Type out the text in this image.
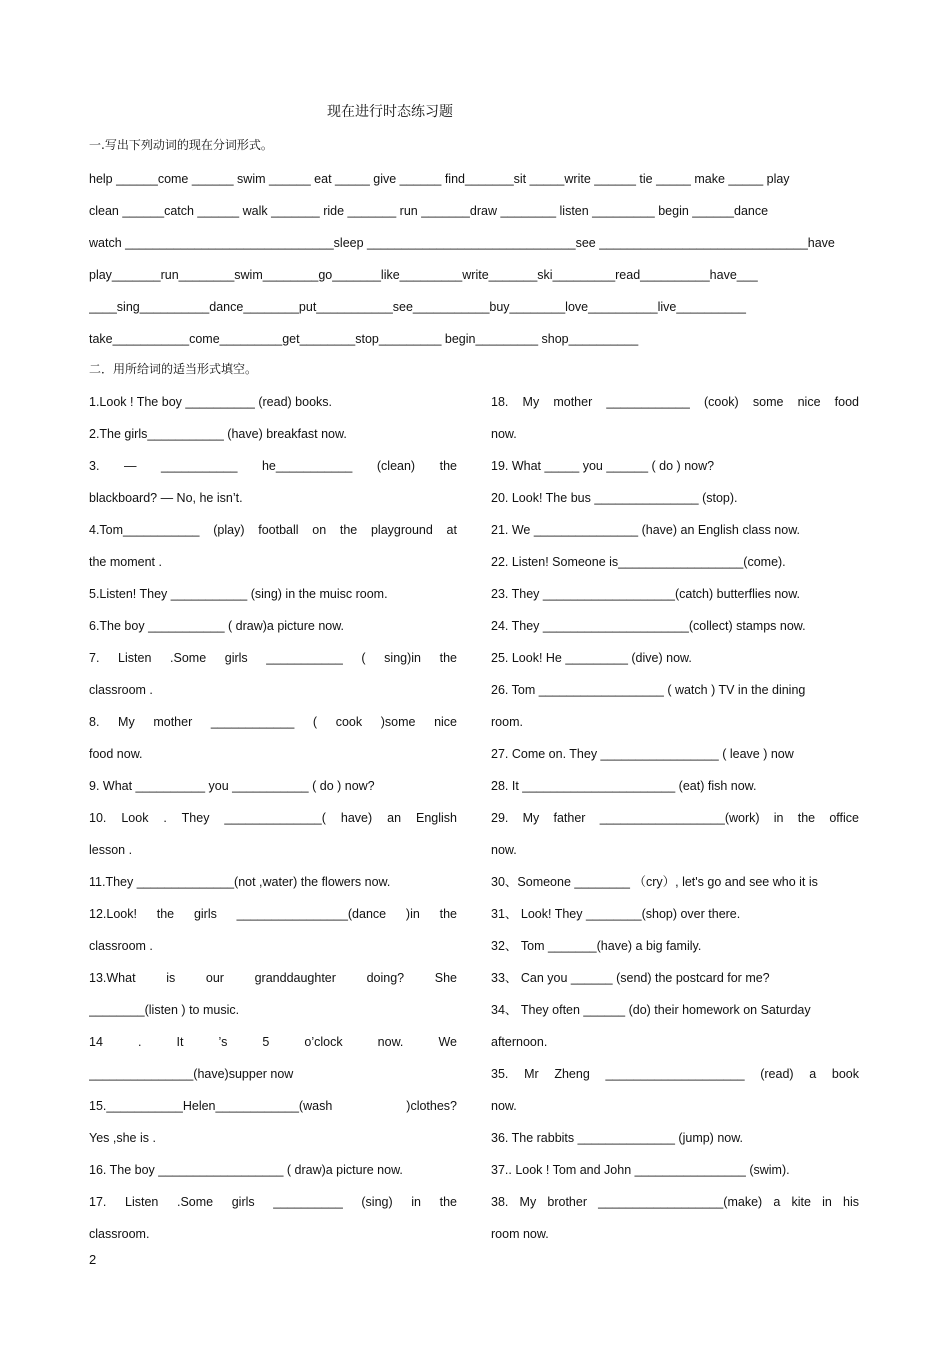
现在进行时态练习题
一.写出下列动词的现在分词形式。
help ______come ______ swim ______ eat _____ give ______ find_______sit _____write ______ tie _____ make _____ play
clean ______catch ______ walk _______ ride _______ run _______draw ________ listen _________ begin ______dance
watch ______________________________sleep ______________________________see ______________________________have
play_______run________swim________go_______like_________write_______ski_________read__________have___
____sing__________dance________put___________see___________buy________love__________live__________
take___________come_________get________stop_________ begin_________ shop__________
二．用所给词的适当形式填空。
1.Look ! The boy __________ (read) books.
2.The girls___________ (have) breakfast now.
3. — ___________ he___________ (clean) the
blackboard? — No, he isn’t.
4.Tom___________ (play) football on the playground at
the moment .
5.Listen! They ___________ (sing) in the muisc room.
6.The boy ___________ ( draw)a picture now.
7. Listen .Some girls ___________ ( sing)in the
classroom .
8. My mother ____________ ( cook )some nice
food now.
9. What __________ you ___________ ( do ) now?
10. Look . They ______________( have) an English
lesson .
11.They ______________(not ,water) the flowers now.
12.Look! the girls ________________(dance )in the
classroom .
13.What is our granddaughter doing? She
________(listen ) to music.
14 . It ’s 5 o’clock now. We
_______________(have)supper now
15.___________Helen____________(wash )clothes?
Yes ,she is .
16. The boy __________________ ( draw)a picture now.
17. Listen .Some girls __________ (sing) in the
classroom.
18. My mother ____________ (cook) some nice food
now.
19. What _____ you ______ ( do ) now?
20. Look! The bus _______________ (stop).
21. We _______________ (have) an English class now.
22. Listen! Someone is__________________(come).
23. They ___________________(catch) butterflies now.
24. They _____________________(collect) stamps now.
25. Look! He _________ (dive) now.
26. Tom __________________ ( watch ) TV in the dining
room.
27. Come on. They _________________ ( leave ) now
28. It ______________________ (eat) fish now.
29. My father __________________(work) in the office
now.
30、Someone ________ （cry）, let's go and see who it is
31、 Look! They ________(shop) over there.
32、 Tom _______(have) a big family.
33、 Can you ______ (send) the postcard for me?
34、 They often ______ (do) their homework on Saturday
afternoon.
35. Mr Zheng ____________________ (read) a book
now.
36. The rabbits ______________ (jump) now.
37.. Look ! Tom and John ________________ (swim).
38. My brother __________________(make) a kite in his
room now.
2
